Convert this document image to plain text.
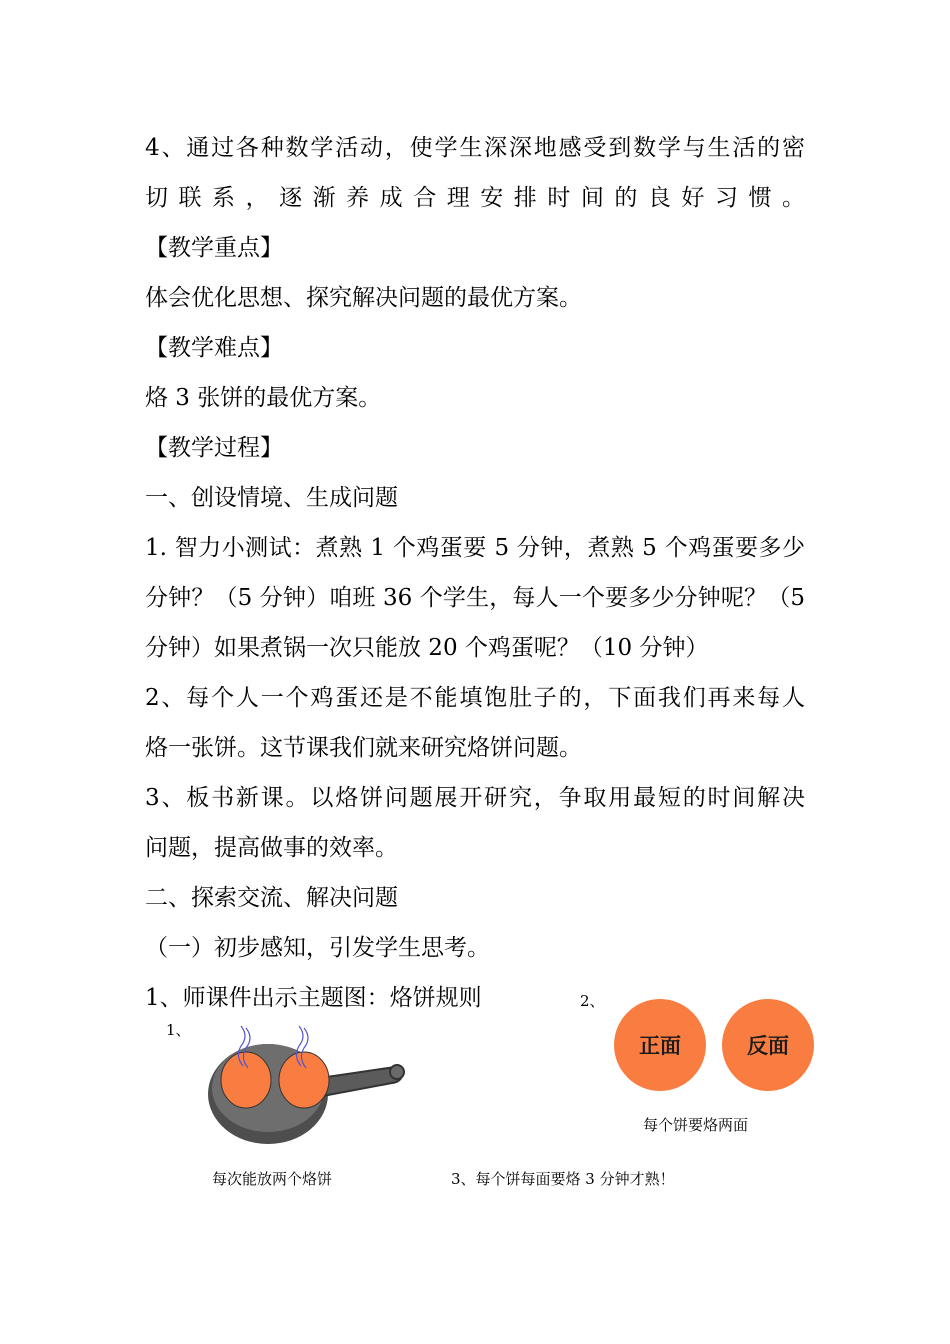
4、通过各种数学活动，使学生深深地感受到数学与生活的密
切联系，逐渐养成合理安排时间的良好习惯。
【教学重点】
体会优化思想、探究解决问题的最优方案。
【教学难点】
烙 3 张饼的最优方案。
【教学过程】
一、创设情境、生成问题
1. 智力小测试：煮熟 1 个鸡蛋要 5 分钟，煮熟 5 个鸡蛋要多少
分钟？（5 分钟）咱班 36 个学生，每人一个要多少分钟呢？（5
分钟）如果煮锅一次只能放 20 个鸡蛋呢？（10 分钟）
2、每个人一个鸡蛋还是不能填饱肚子的，下面我们再来每人
烙一张饼。这节课我们就来研究烙饼问题。
3、板书新课。以烙饼问题展开研究，争取用最短的时间解决
问题，提高做事的效率。
二、探索交流、解决问题
（一）初步感知，引发学生思考。
1、师课件出示主题图：烙饼规则
1、
每次能放两个烙饼
2、
正面	反面
每个饼要烙两面
3、每个饼每面要烙 3 分钟才熟！
